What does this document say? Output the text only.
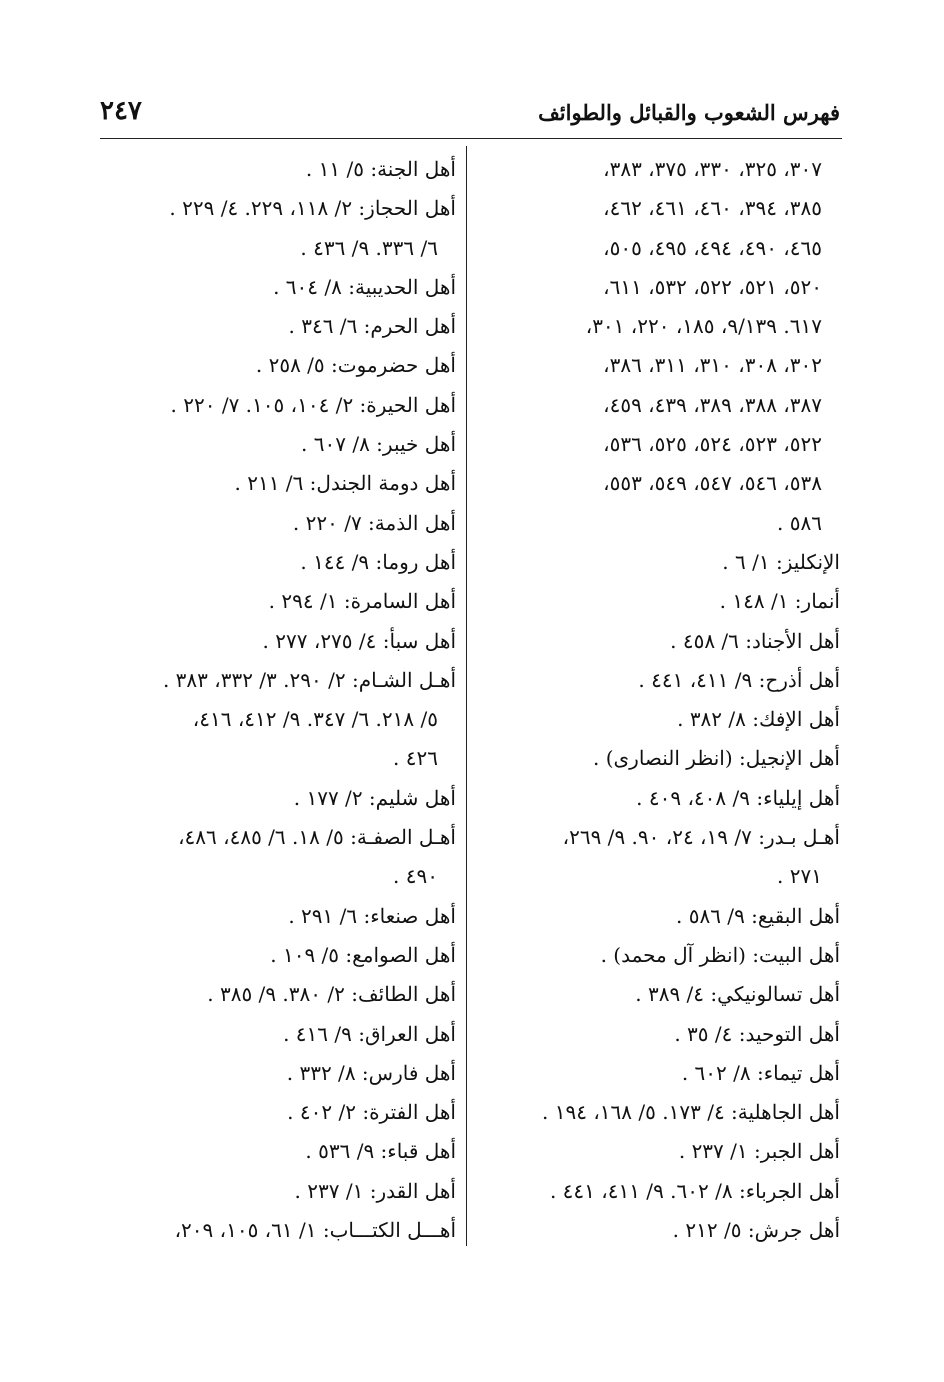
فهرس الشعوب والقبائل والطوائف
٢٤٧
٣٠٧، ٣٢٥، ٣٣٠، ٣٧٥، ٣٨٣،
٣٨٥، ٣٩٤، ٤٦٠، ٤٦١، ٤٦٢،
٤٦٥، ٤٩٠، ٤٩٤، ٤٩٥، ٥٠٥،
٥٢٠، ٥٢١، ٥٢٢، ٥٣٢، ٦١١،
٦١٧. ٩/١٣٩، ١٨٥، ٢٢٠، ٣٠١،
٣٠٢، ٣٠٨، ٣١٠، ٣١١، ٣٨٦،
٣٨٧، ٣٨٨، ٣٨٩، ٤٣٩، ٤٥٩،
٥٢٢، ٥٢٣، ٥٢٤، ٥٢٥، ٥٣٦،
٥٣٨، ٥٤٦، ٥٤٧، ٥٤٩، ٥٥٣،
٥٨٦ .
الإنكليز: ١/ ٦ .
أنمار: ١/ ١٤٨ .
أهل الأجناد: ٦/ ٤٥٨ .
أهل أذرح: ٩/ ٤١١، ٤٤١ .
أهل الإفك: ٨/ ٣٨٢ .
أهل الإنجيل: (انظر النصارى) .
أهل إيلياء: ٩/ ٤٠٨، ٤٠٩ .
أهـل بـدر: ٧/ ١٩، ٢٤، ٩٠. ٩/ ٢٦٩،
٢٧١ .
أهل البقيع: ٩/ ٥٨٦ .
أهل البيت: (انظر آل محمد) .
أهل تسالونيكي: ٤/ ٣٨٩ .
أهل التوحيد: ٤/ ٣٥ .
أهل تيماء: ٨/ ٦٠٢ .
أهل الجاهلية: ٤/ ١٧٣. ٥/ ١٦٨، ١٩٤ .
أهل الجبر: ١/ ٢٣٧ .
أهل الجرباء: ٨/ ٦٠٢. ٩/ ٤١١، ٤٤١ .
أهل جرش: ٥/ ٢١٢ .
أهل الجنة: ٥/ ١١ .
أهل الحجاز: ٢/ ١١٨، ٢٢٩. ٤/ ٢٢٩ .
٦/ ٣٣٦. ٩/ ٤٣٦ .
أهل الحديبية: ٨/ ٦٠٤ .
أهل الحرم: ٦/ ٣٤٦ .
أهل حضرموت: ٥/ ٢٥٨ .
أهل الحيرة: ٢/ ١٠٤، ١٠٥. ٧/ ٢٢٠ .
أهل خيبر: ٨/ ٦٠٧ .
أهل دومة الجندل: ٦/ ٢١١ .
أهل الذمة: ٧/ ٢٢٠ .
أهل روما: ٩/ ١٤٤ .
أهل السامرة: ١/ ٢٩٤ .
أهل سبأ: ٤/ ٢٧٥، ٢٧٧ .
أهـل الشـام: ٢/ ٢٩٠. ٣/ ٣٣٢، ٣٨٣ .
٥/ ٢١٨. ٦/ ٣٤٧. ٩/ ٤١٢، ٤١٦،
٤٢٦ .
أهل شليم: ٢/ ١٧٧ .
أهـل الصفـة: ٥/ ١٨. ٦/ ٤٨٥، ٤٨٦،
٤٩٠ .
أهل صنعاء: ٦/ ٢٩١ .
أهل الصوامع: ٥/ ١٠٩ .
أهل الطائف: ٢/ ٣٨٠. ٩/ ٣٨٥ .
أهل العراق: ٩/ ٤١٦ .
أهل فارس: ٨/ ٣٣٢ .
أهل الفترة: ٢/ ٤٠٢ .
أهل قباء: ٩/ ٥٣٦ .
أهل القدر: ١/ ٢٣٧ .
أهـــل الكتـــاب: ١/ ٦١، ١٠٥، ٢٠٩،
